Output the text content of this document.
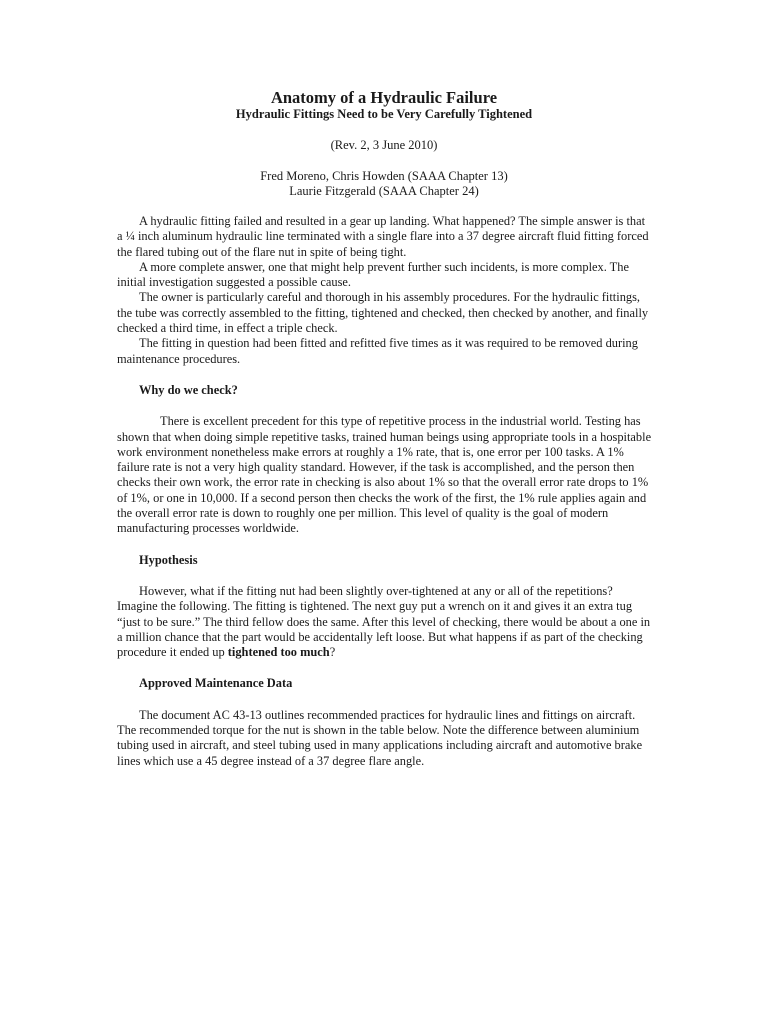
Anatomy of a Hydraulic Failure
Hydraulic Fittings Need to be Very Carefully Tightened

(Rev. 2, 3 June 2010)

Fred Moreno, Chris Howden (SAAA Chapter 13)
Laurie Fitzgerald (SAAA Chapter 24)

A hydraulic fitting failed and resulted in a gear up landing. What happened? The simple answer is that a ¼ inch aluminum hydraulic line terminated with a single flare into a 37 degree aircraft fluid fitting forced the flared tubing out of the flare nut in spite of being tight.

A more complete answer, one that might help prevent further such incidents, is more complex. The initial investigation suggested a possible cause.

The owner is particularly careful and thorough in his assembly procedures. For the hydraulic fittings, the tube was correctly assembled to the fitting, tightened and checked, then checked by another, and finally checked a third time, in effect a triple check.

The fitting in question had been fitted and refitted five times as it was required to be removed during maintenance procedures.

Why do we check?

There is excellent precedent for this type of repetitive process in the industrial world. Testing has shown that when doing simple repetitive tasks, trained human beings using appropriate tools in a hospitable work environment nonetheless make errors at roughly a 1% rate, that is, one error per 100 tasks. A 1% failure rate is not a very high quality standard. However, if the task is accomplished, and the person then checks their own work, the error rate in checking is also about 1% so that the overall error rate drops to 1% of 1%, or one in 10,000. If a second person then checks the work of the first, the 1% rule applies again and the overall error rate is down to roughly one per million. This level of quality is the goal of modern manufacturing processes worldwide.

Hypothesis

However, what if the fitting nut had been slightly over-tightened at any or all of the repetitions? Imagine the following. The fitting is tightened. The next guy put a wrench on it and gives it an extra tug “just to be sure.” The third fellow does the same. After this level of checking, there would be about a one in a million chance that the part would be accidentally left loose. But what happens if as part of the checking procedure it ended up tightened too much?

Approved Maintenance Data

The document AC 43-13 outlines recommended practices for hydraulic lines and fittings on aircraft. The recommended torque for the nut is shown in the table below. Note the difference between aluminium tubing used in aircraft, and steel tubing used in many applications including aircraft and automotive brake lines which use a 45 degree instead of a 37 degree flare angle.
